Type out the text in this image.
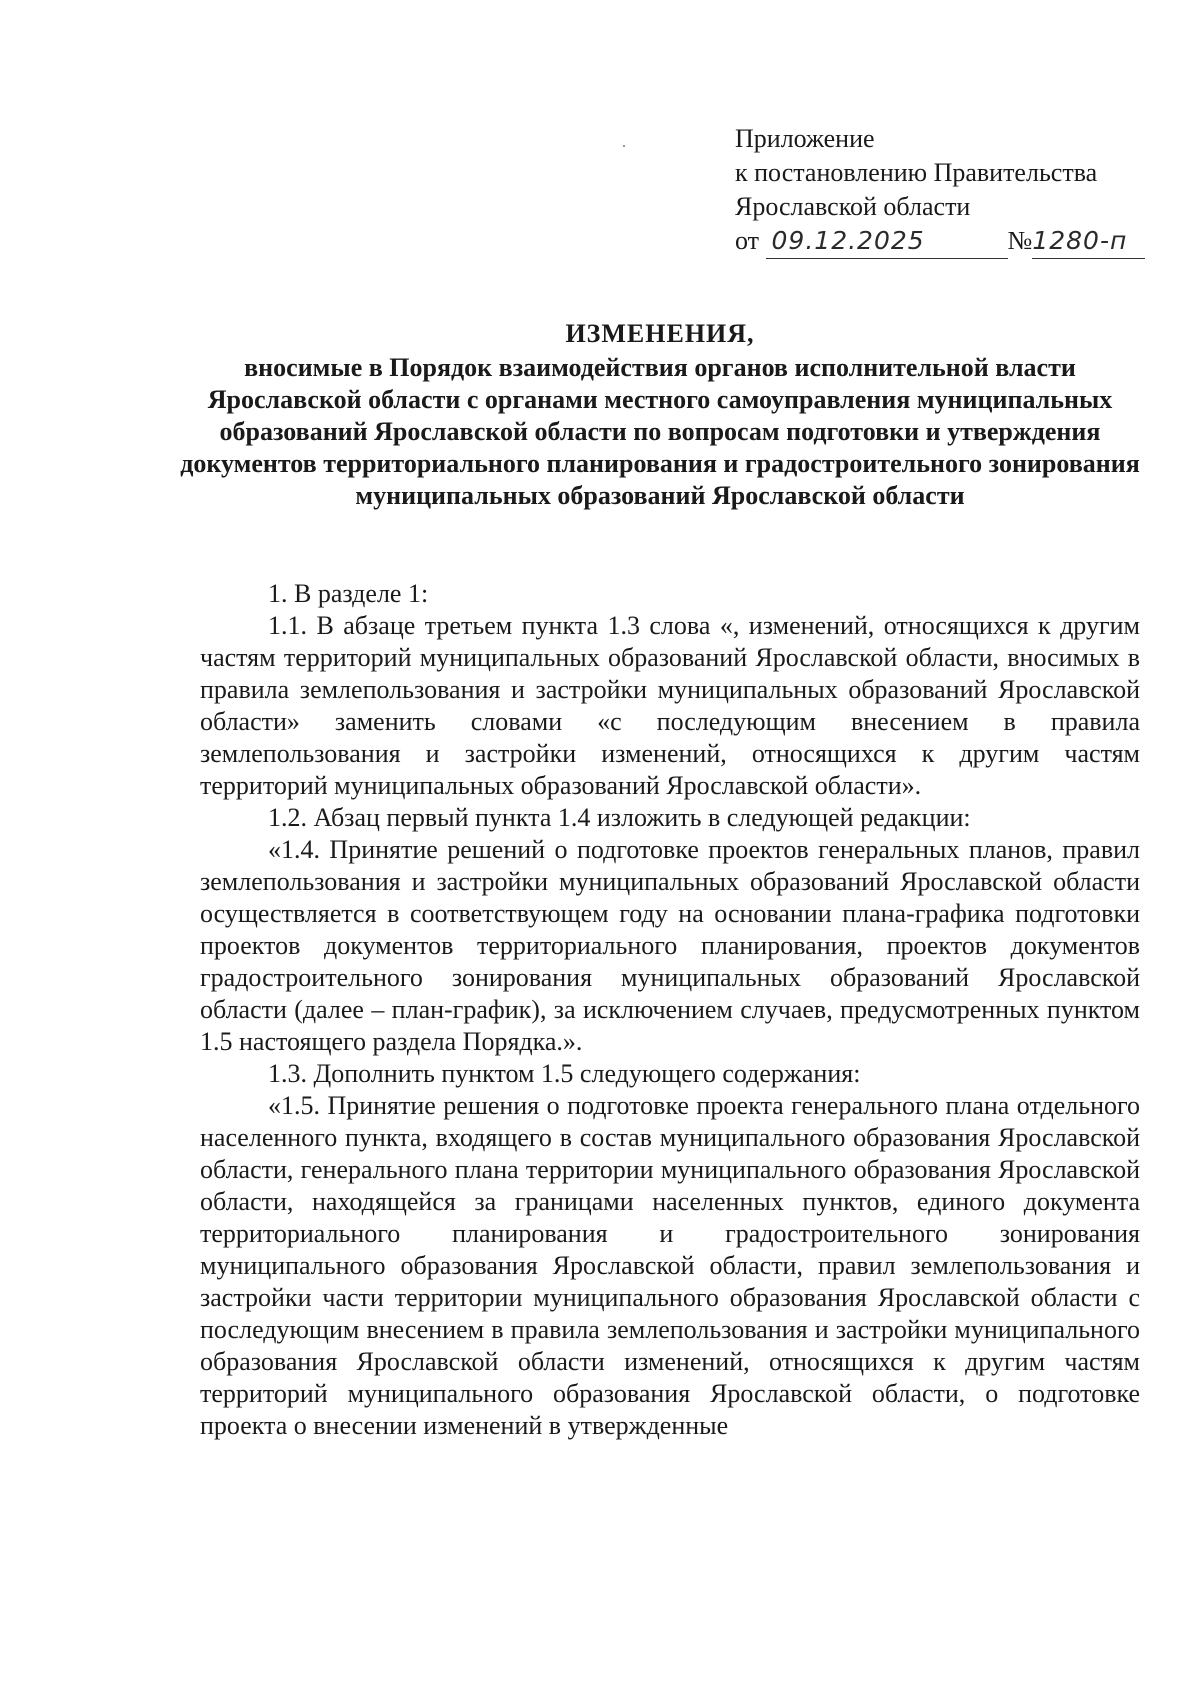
Приложение
к постановлению Правительства
Ярославской области
от 09.12.2025	№1280-п
ИЗМЕНЕНИЯ,
вносимые в Порядок взаимодействия органов исполнительной власти Ярославской области с органами местного самоуправления муниципальных образований Ярославской области по вопросам подготовки и утверждения документов территориального планирования и градостроительного зонирования муниципальных образований Ярославской области

1. В разделе 1:

1.1. В абзаце третьем пункта 1.3 слова «, изменений, относящихся к другим частям территорий муниципальных образований Ярославской области, вносимых в правила землепользования и застройки муниципальных образований Ярославской области» заменить словами «с последующим внесением в правила землепользования и застройки изменений, относящихся к другим частям территорий муниципальных образований Ярославской области».

1.2. Абзац первый пункта 1.4 изложить в следующей редакции:

«1.4. Принятие решений о подготовке проектов генеральных планов, правил землепользования и застройки муниципальных образований Ярославской области осуществляется в соответствующем году на основании плана-графика подготовки проектов документов территориального планирования, проектов документов градостроительного зонирования муниципальных образований Ярославской области (далее – план-график), за исключением случаев, предусмотренных пунктом 1.5 настоящего раздела Порядка.».

1.3. Дополнить пунктом 1.5 следующего содержания:

«1.5. Принятие решения о подготовке проекта генерального плана отдельного населенного пункта, входящего в состав муниципального образования Ярославской области, генерального плана территории муниципального образования Ярославской области, находящейся за границами населенных пунктов, единого документа территориального планирования и градостроительного зонирования муниципального образования Ярославской области, правил землепользования и застройки части территории муниципального образования Ярославской области с последующим внесением в правила землепользования и застройки муниципального образования Ярославской области изменений, относящихся к другим частям территорий муниципального образования Ярославской области, о подготовке проекта о внесении изменений в утвержденные
